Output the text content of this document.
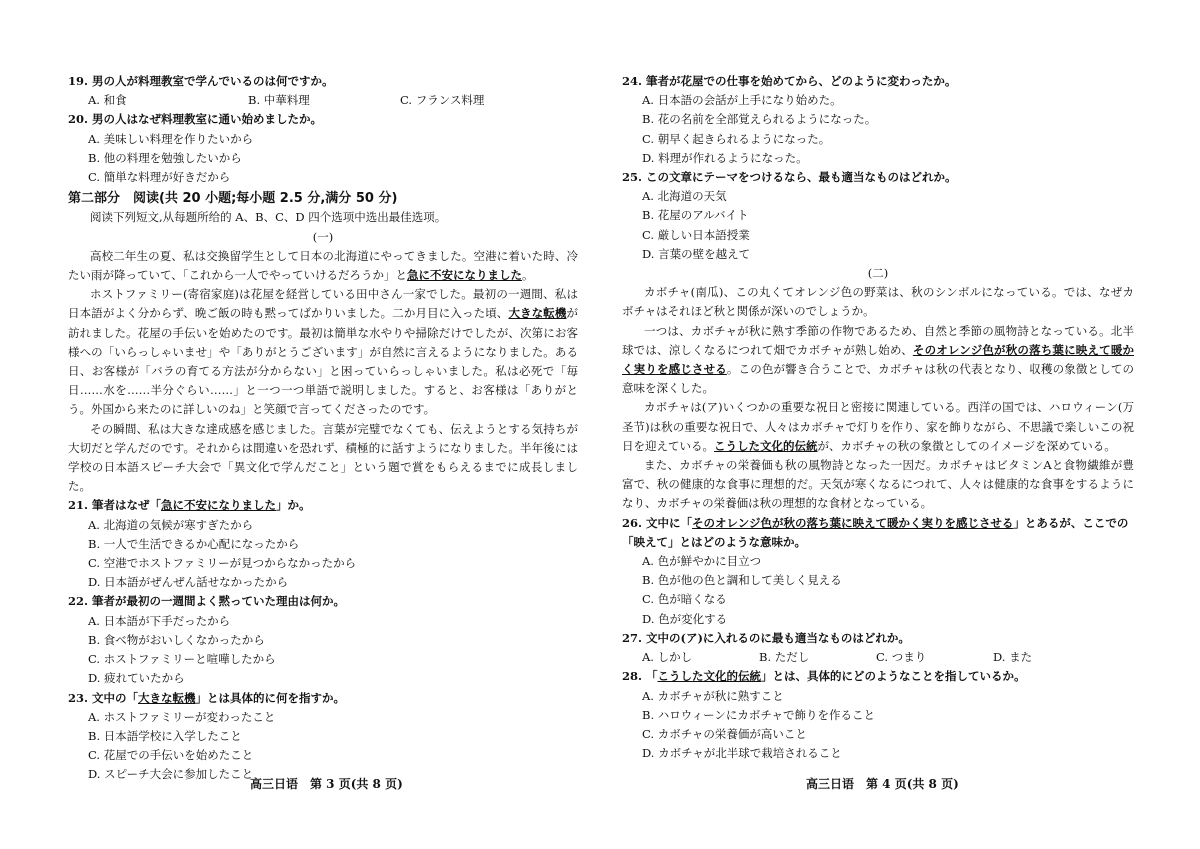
19. 男の人が料理教室で学んでいるのは何ですか。

A. 和食	B. 中華料理	C. フランス料理

20. 男の人はなぜ料理教室に通い始めましたか。

A. 美味しい料理を作りたいから

B. 他の料理を勉強したいから

C. 簡単な料理が好きだから

第二部分　阅读(共 20 小题;每小题 2.5 分,满分 50 分)

阅读下列短文,从每题所给的 A、B、C、D 四个选项中选出最佳选项。

(一)

高校二年生の夏、私は交換留学生として日本の北海道にやってきました。空港に着いた時、冷たい雨が降っていて、「これから一人でやっていけるだろうか」と急に不安になりました。

ホストファミリー(寄宿家庭)は花屋を経営している田中さん一家でした。最初の一週間、私は日本語がよく分からず、晩ご飯の時も黙ってばかりいました。二か月目に入った頃、大きな転機が訪れました。花屋の手伝いを始めたのです。最初は簡単な水やりや掃除だけでしたが、次第にお客様への「いらっしゃいませ」や「ありがとうございます」が自然に言えるようになりました。ある日、お客様が「バラの育てる方法が分からない」と困っていらっしゃいました。私は必死で「毎日……水を……半分ぐらい……」と一つ一つ単語で説明しました。すると、お客様は「ありがとう。外国から来たのに詳しいのね」と笑顔で言ってくださったのです。

その瞬間、私は大きな達成感を感じました。言葉が完璧でなくても、伝えようとする気持ちが大切だと学んだのです。それからは間違いを恐れず、積極的に話すようになりました。半年後には学校の日本語スピーチ大会で「異文化で学んだこと」という題で賞をもらえるまでに成長しました。

21. 筆者はなぜ「急に不安になりました」か。

A. 北海道の気候が寒すぎたから

B. 一人で生活できるか心配になったから

C. 空港でホストファミリーが見つからなかったから

D. 日本語がぜんぜん話せなかったから

22. 筆者が最初の一週間よく黙っていた理由は何か。

A. 日本語が下手だったから

B. 食べ物がおいしくなかったから

C. ホストファミリーと喧嘩したから

D. 疲れていたから

23. 文中の「大きな転機」とは具体的に何を指すか。

A. ホストファミリーが変わったこと

B. 日本語学校に入学したこと

C. 花屋での手伝いを始めたこと

D. スピーチ大会に参加したこと

24. 筆者が花屋での仕事を始めてから、どのように変わったか。

A. 日本語の会話が上手になり始めた。

B. 花の名前を全部覚えられるようになった。

C. 朝早く起きられるようになった。

D. 料理が作れるようになった。

25. この文章にテーマをつけるなら、最も適当なものはどれか。

A. 北海道の天気

B. 花屋のアルバイト

C. 厳しい日本語授業

D. 言葉の壁を越えて

(二)

カボチャ(南瓜)、この丸くてオレンジ色の野菜は、秋のシンボルになっている。では、なぜカボチャはそれほど秋と関係が深いのでしょうか。

一つは、カボチャが秋に熟す季節の作物であるため、自然と季節の風物詩となっている。北半球では、涼しくなるにつれて畑でカボチャが熟し始め、そのオレンジ色が秋の落ち葉に映えて暖かく実りを感じさせる。この色が響き合うことで、カボチャは秋の代表となり、収穫の象徴としての意味を深くした。

カボチャは(ア)いくつかの重要な祝日と密接に関連している。西洋の国では、ハロウィーン(万圣节)は秋の重要な祝日で、人々はカボチャで灯りを作り、家を飾りながら、不思議で楽しいこの祝日を迎えている。こうした文化的伝統が、カボチャの秋の象徴としてのイメージを深めている。

また、カボチャの栄養価も秋の風物詩となった一因だ。カボチャはビタミンAと食物繊維が豊富で、秋の健康的な食事に理想的だ。天気が寒くなるにつれて、人々は健康的な食事をするようになり、カボチャの栄養価は秋の理想的な食材となっている。

26. 文中に「そのオレンジ色が秋の落ち葉に映えて暖かく実りを感じさせる」とあるが、ここでの「映えて」とはどのような意味か。

A. 色が鮮やかに目立つ

B. 色が他の色と調和して美しく見える

C. 色が暗くなる

D. 色が変化する

27. 文中の(ア)に入れるのに最も適当なものはどれか。

A. しかし	B. ただし	C. つまり	D. また

28. 「こうした文化的伝統」とは、具体的にどのようなことを指しているか。

A. カボチャが秋に熟すこと

B. ハロウィーンにカボチャで飾りを作ること

C. カボチャの栄養価が高いこと

D. カボチャが北半球で栽培されること

高三日语　第 3 页(共 8 页)	高三日语　第 4 页(共 8 页)
